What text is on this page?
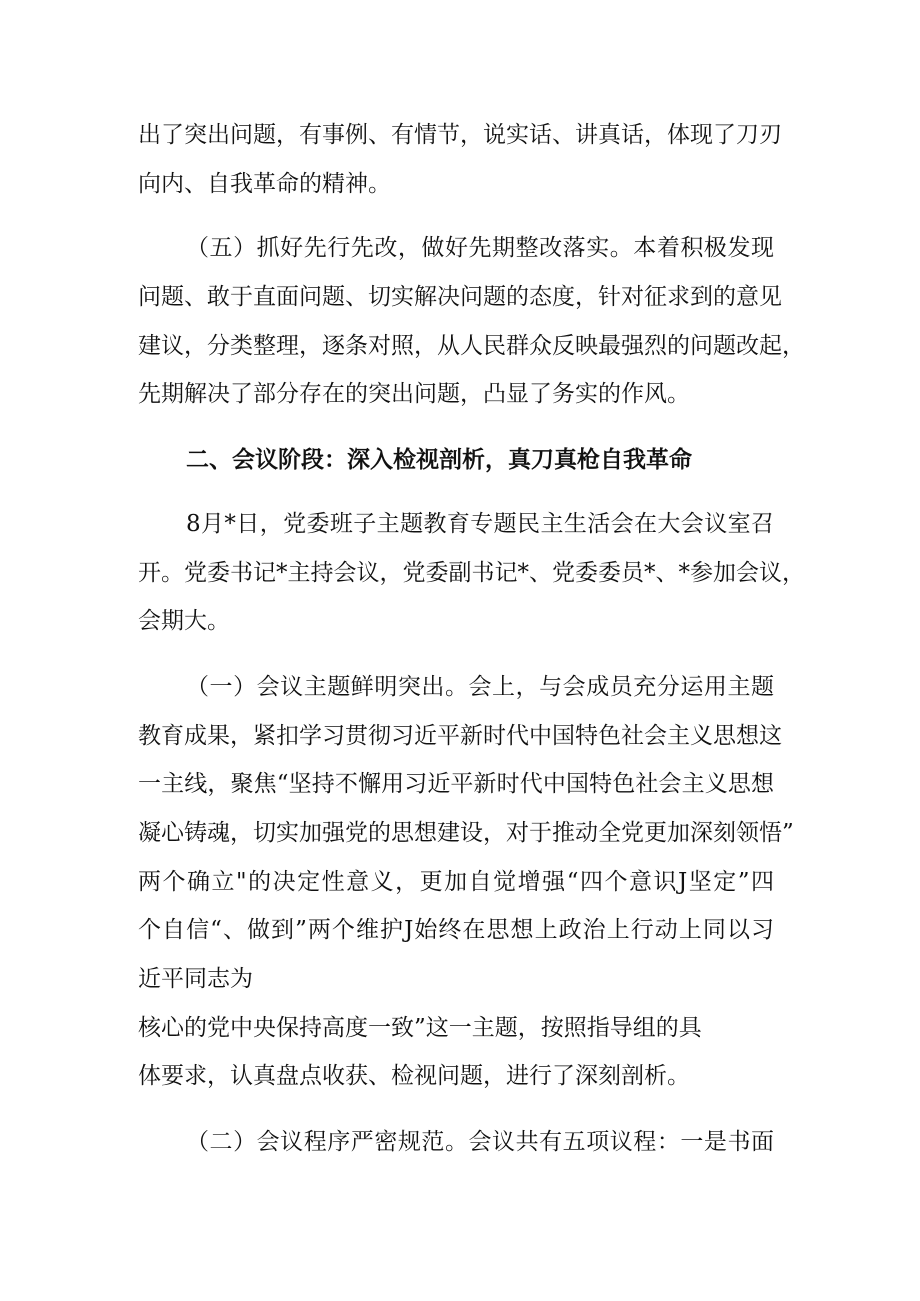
出了突出问题，有事例、有情节，说实话、讲真话，体现了刀刃

向内、自我革命的精神。

（五）抓好先行先改，做好先期整改落实。本着积极发现

问题、敢于直面问题、切实解决问题的态度，针对征求到的意见

建议，分类整理，逐条对照，从人民群众反映最强烈的问题改起，

先期解决了部分存在的突出问题，凸显了务实的作风。

二、会议阶段：深入检视剖析，真刀真枪自我革命

8月*日，党委班子主题教育专题民主生活会在大会议室召

开。党委书记*主持会议，党委副书记*、党委委员*、*参加会议，

会期大。

（一）会议主题鲜明突出。会上，与会成员充分运用主题

教育成果，紧扣学习贯彻习近平新时代中国特色社会主义思想这

一主线，聚焦“坚持不懈用习近平新时代中国特色社会主义思想

凝心铸魂，切实加强党的思想建设，对于推动全党更加深刻领悟”

两个确立"的决定性意义，更加自觉增强“四个意识J坚定”四

个自信“、做到”两个维护J始终在思想上政治上行动上同以习

近平同志为

核心的党中央保持高度一致”这一主题，按照指导组的具

体要求，认真盘点收获、检视问题，进行了深刻剖析。

（二）会议程序严密规范。会议共有五项议程：一是书面
